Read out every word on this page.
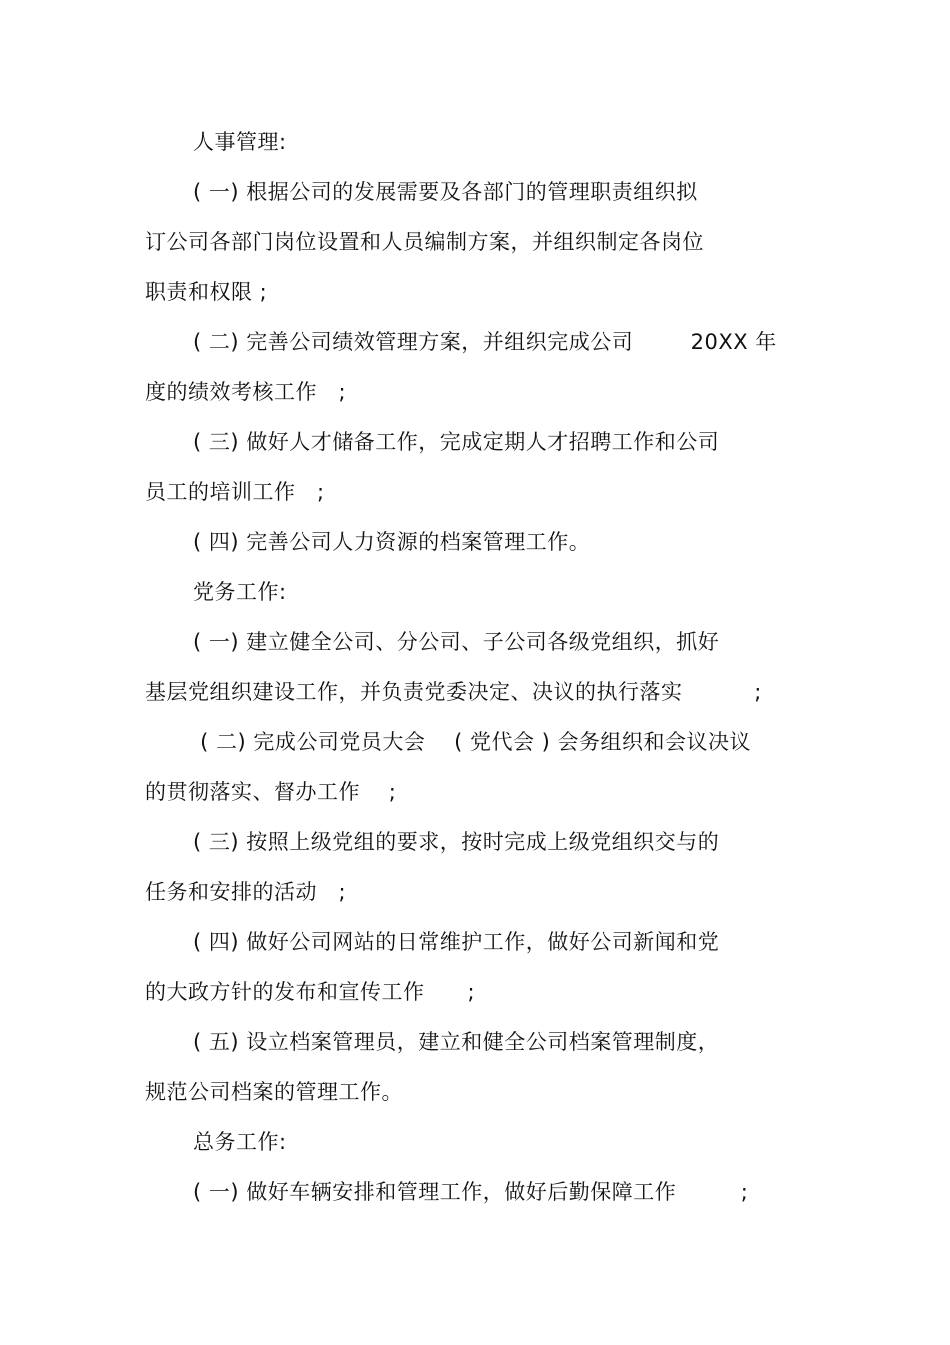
人事管理:
( 一) 根据公司的发展需要及各部门的管理职责组织拟
订公司各部门岗位设置和人员编制方案，并组织制定各岗位
职责和权限 ;
( 二) 完善公司绩效管理方案，并组织完成公司        20XX 年
度的绩效考核工作   ;
( 三) 做好人才储备工作，完成定期人才招聘工作和公司
员工的培训工作   ;
( 四) 完善公司人力资源的档案管理工作。
党务工作:
( 一) 建立健全公司、分公司、子公司各级党组织，抓好
基层党组织建设工作，并负责党委决定、决议的执行落实          ;
( 二) 完成公司党员大会    ( 党代会 ) 会务组织和会议决议
的贯彻落实、督办工作    ;
( 三) 按照上级党组的要求，按时完成上级党组织交与的
任务和安排的活动   ;
( 四) 做好公司网站的日常维护工作，做好公司新闻和党
的大政方针的发布和宣传工作      ;
( 五) 设立档案管理员，建立和健全公司档案管理制度，
规范公司档案的管理工作。
总务工作:
( 一) 做好车辆安排和管理工作，做好后勤保障工作         ;
